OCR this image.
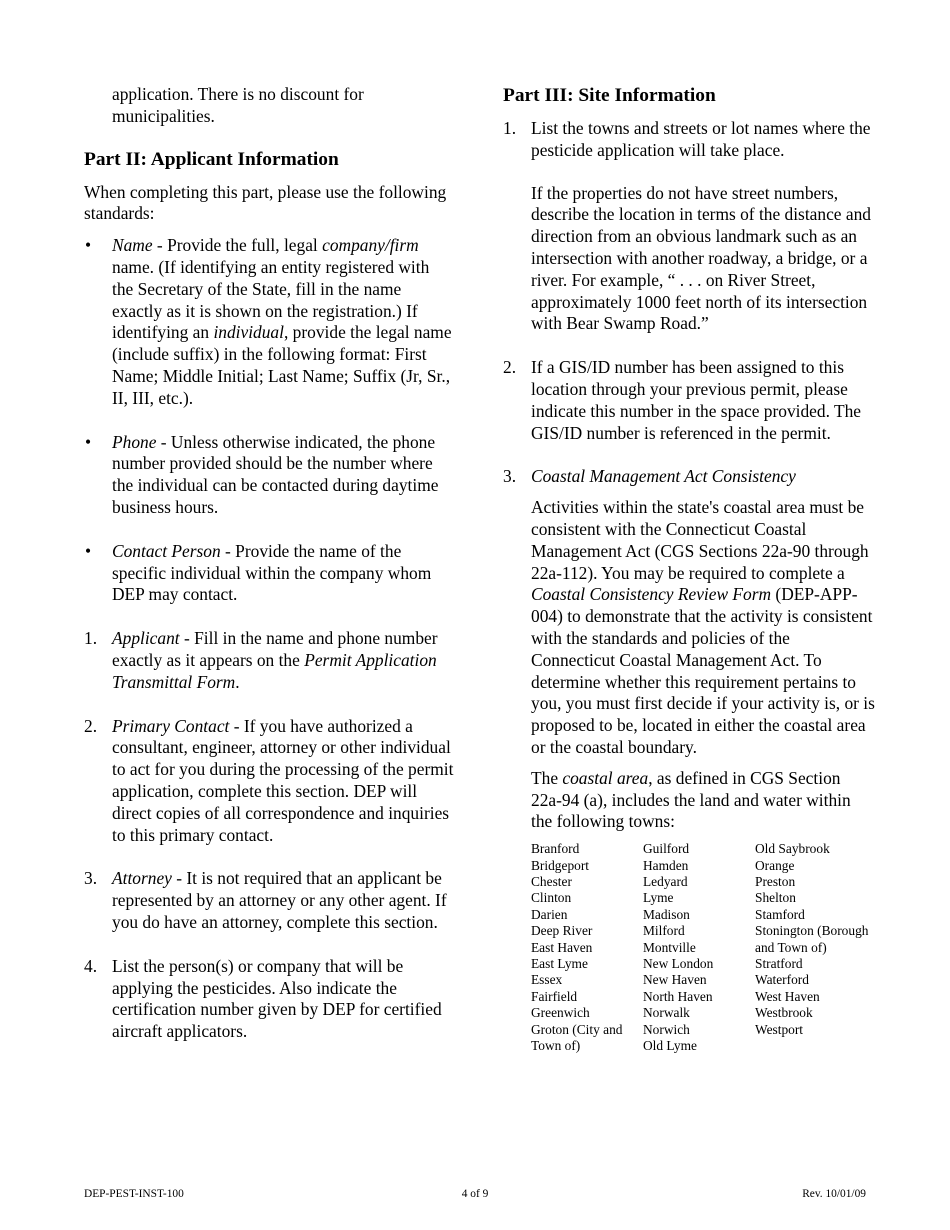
application. There is no discount for municipalities.

Part II: Applicant Information

When completing this part, please use the following standards:

• Name - Provide the full, legal company/firm name. (If identifying an entity registered with the Secretary of the State, fill in the name exactly as it is shown on the registration.) If identifying an individual, provide the legal name (include suffix) in the following format: First Name; Middle Initial; Last Name; Suffix (Jr, Sr., II, III, etc.).

• Phone - Unless otherwise indicated, the phone number provided should be the number where the individual can be contacted during daytime business hours.

• Contact Person - Provide the name of the specific individual within the company whom DEP may contact.

1. Applicant - Fill in the name and phone number exactly as it appears on the Permit Application Transmittal Form.

2. Primary Contact - If you have authorized a consultant, engineer, attorney or other individual to act for you during the processing of the permit application, complete this section. DEP will direct copies of all correspondence and inquiries to this primary contact.

3. Attorney - It is not required that an applicant be represented by an attorney or any other agent. If you do have an attorney, complete this section.

4. List the person(s) or company that will be applying the pesticides. Also indicate the certification number given by DEP for certified aircraft applicators.

Part III: Site Information
1. List the towns and streets or lot names where the pesticide application will take place.

If the properties do not have street numbers, describe the location in terms of the distance and direction from an obvious landmark such as an intersection with another roadway, a bridge, or a river. For example, “ . . . on River Street, approximately 1000 feet north of its intersection with Bear Swamp Road.”

2. If a GIS/ID number has been assigned to this location through your previous permit, please indicate this number in the space provided. The GIS/ID number is referenced in the permit.

3. Coastal Management Act Consistency

Activities within the state's coastal area must be consistent with the Connecticut Coastal Management Act (CGS Sections 22a-90 through 22a-112). You may be required to complete a Coastal Consistency Review Form (DEP-APP-004) to demonstrate that the activity is consistent with the standards and policies of the Connecticut Coastal Management Act. To determine whether this requirement pertains to you, you must first decide if your activity is, or is proposed to be, located in either the coastal area or the coastal boundary.

The coastal area, as defined in CGS Section 22a-94 (a), includes the land and water within the following towns:

Branford
Bridgeport
Chester
Clinton
Darien
Deep River
East Haven
East Lyme
Essex
Fairfield
Greenwich
Groton (City and Town of)
Guilford
Hamden
Ledyard
Lyme
Madison
Milford
Montville
New London
New Haven
North Haven
Norwalk
Norwich
Old Lyme
Old Saybrook
Orange
Preston
Shelton
Stamford
Stonington (Borough and Town of)
Stratford
Waterford
West Haven
Westbrook
Westport
DEP-PEST-INST-100	4 of 9	Rev. 10/01/09
